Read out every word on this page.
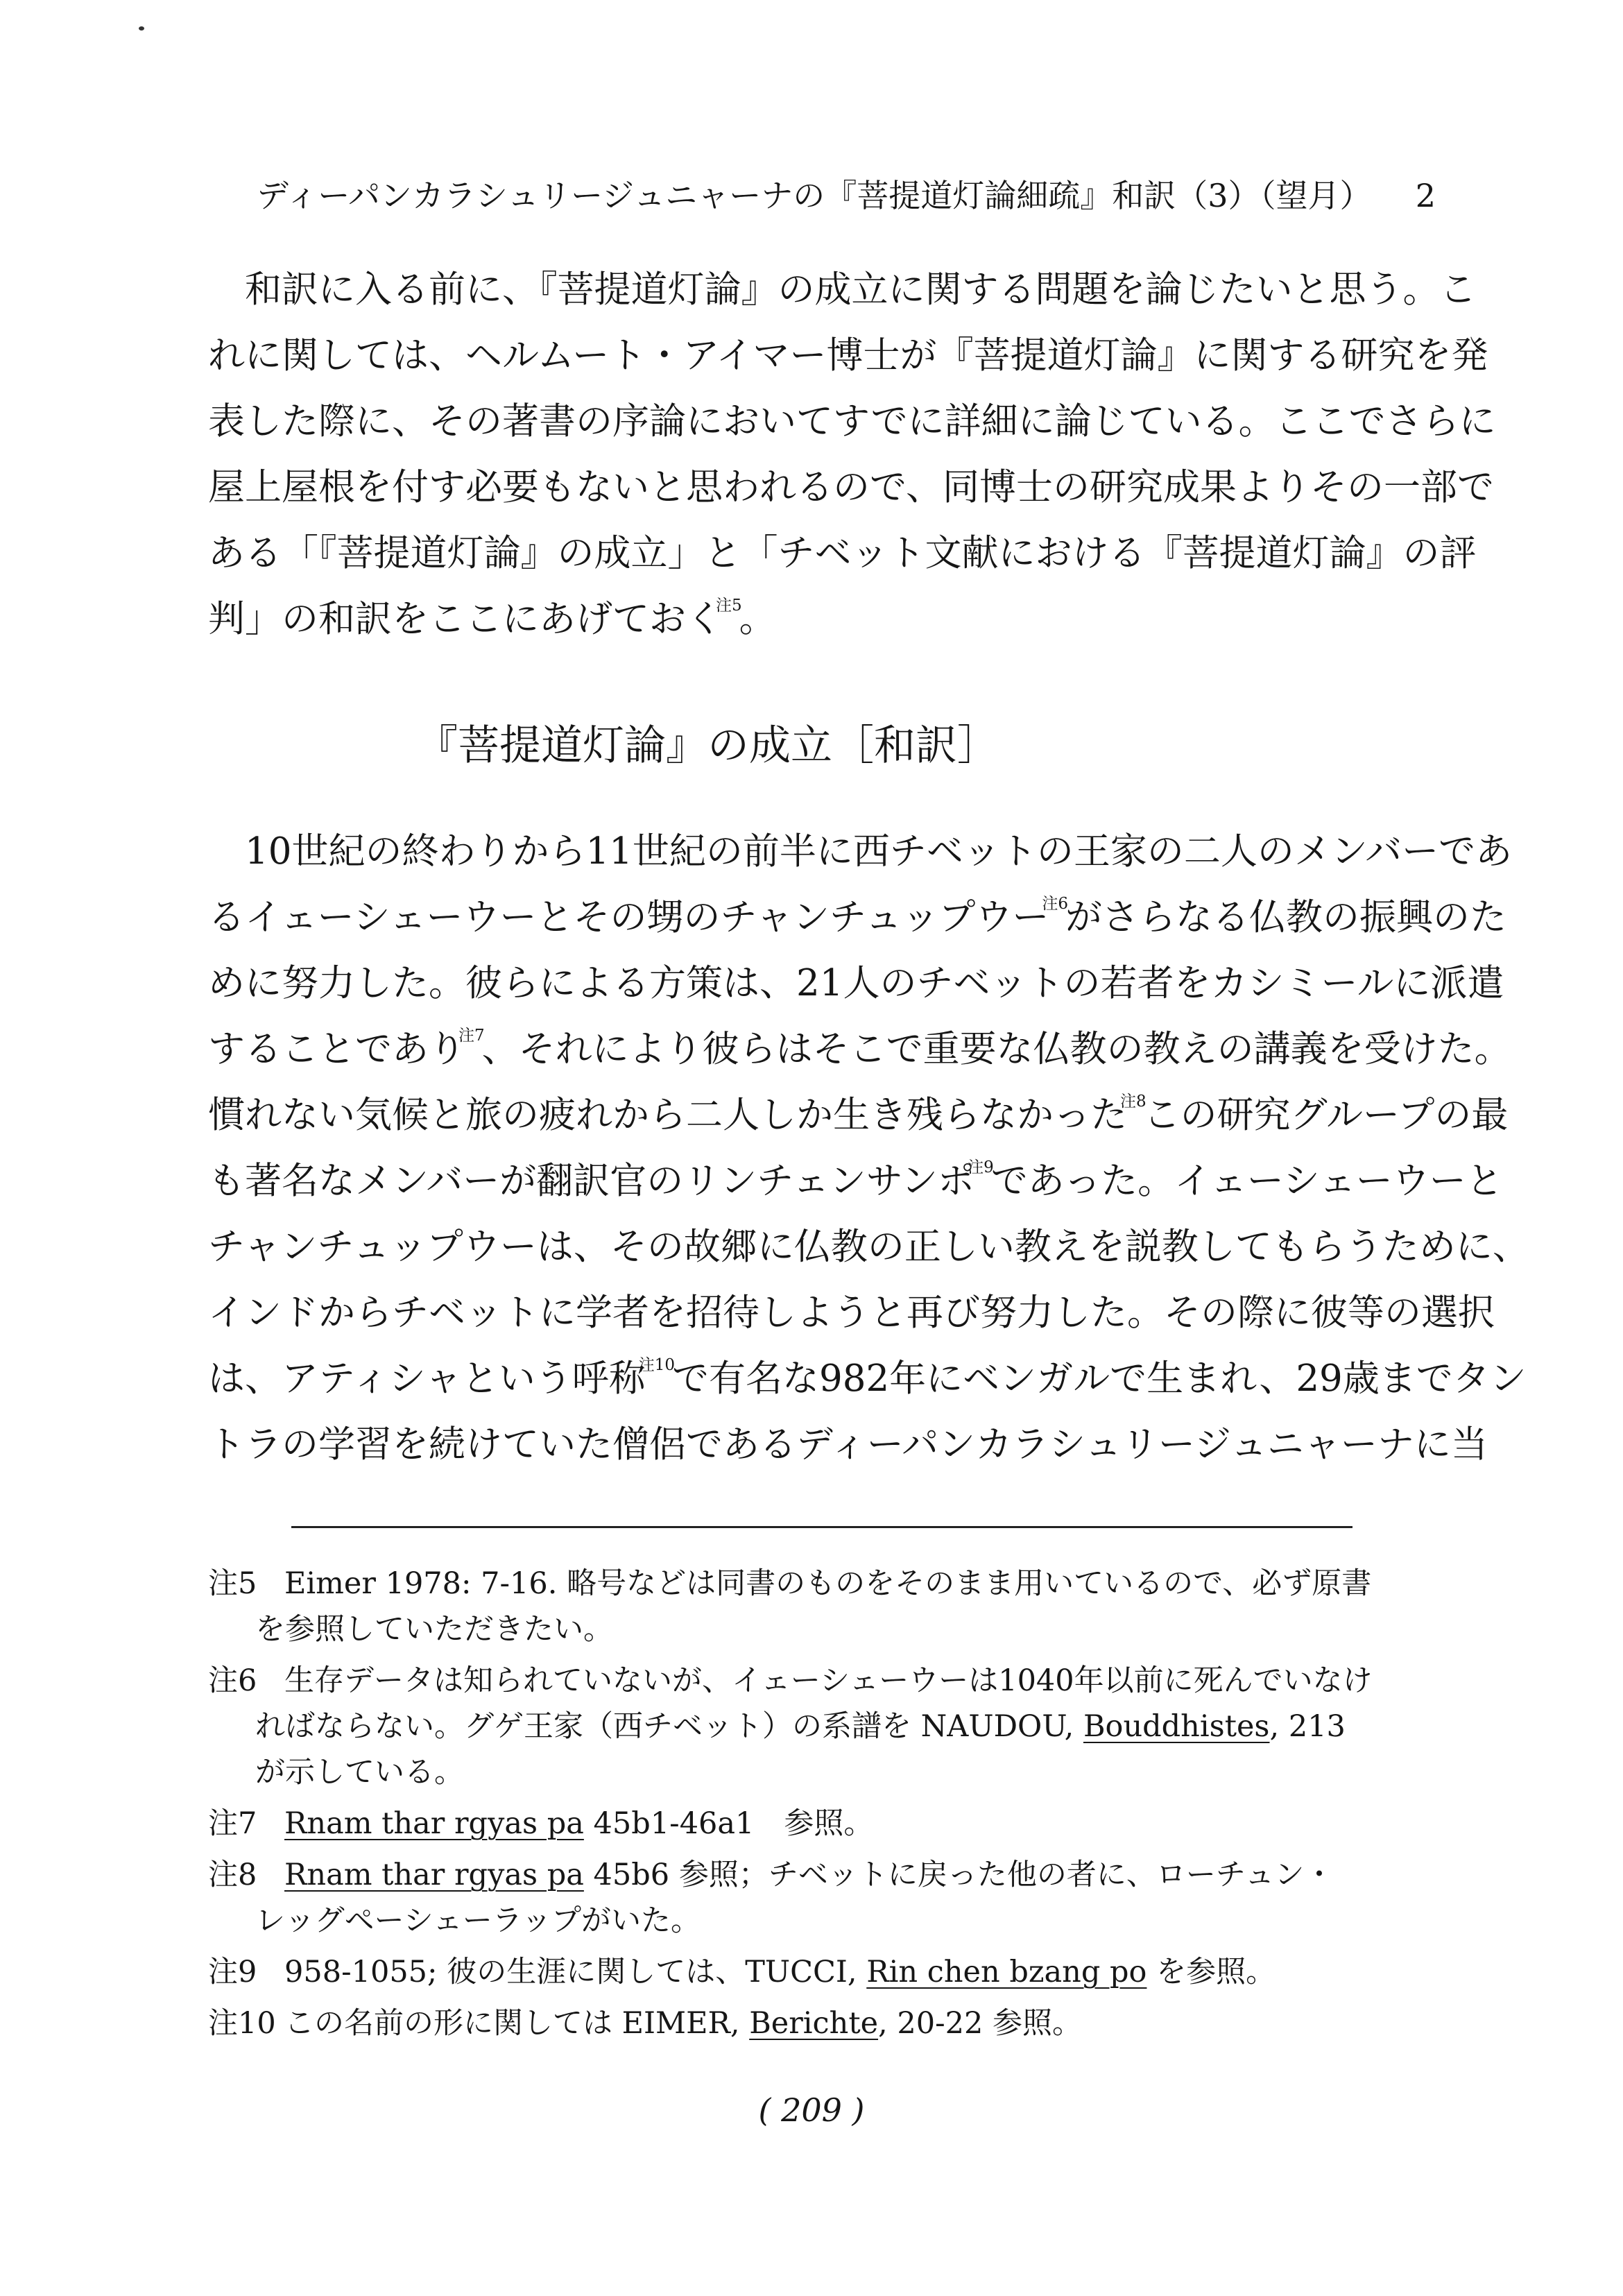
ディーパンカラシュリージュニャーナの『菩提道灯論細疏』和訳（3）（望月） 2
和訳に入る前に、『菩提道灯論』の成立に関する問題を論じたいと思う。こ
れに関しては、ヘルムート・アイマー博士が『菩提道灯論』に関する研究を発
表した際に、その著書の序論においてすでに詳細に論じている。ここでさらに
屋上屋根を付す必要もないと思われるので、同博士の研究成果よりその一部で
ある「『菩提道灯論』の成立」と「チベット文献における『菩提道灯論』の評
判」の和訳をここにあげておく$^{注5}$。
『菩提道灯論』の成立［和訳］
10世紀の終わりから11世紀の前半に西チベットの王家の二人のメンバーであ
るイェーシェーウーとその甥のチャンチュップウー$^{注6}$がさらなる仏教の振興のた
めに努力した。彼らによる方策は、21人のチベットの若者をカシミールに派遣
することであり$^{注7}$、それにより彼らはそこで重要な仏教の教えの講義を受けた。
慣れない気候と旅の疲れから二人しか生き残らなかった$^{注8}$この研究グループの最
も著名なメンバーが翻訳官のリンチェンサンポ$^{注9}$であった。イェーシェーウーと
チャンチュップウーは、その故郷に仏教の正しい教えを説教してもらうために、
インドからチベットに学者を招待しようと再び努力した。その際に彼等の選択
は、アティシャという呼称$^{注10}$で有名な982年にベンガルで生まれ、29歳までタン
トラの学習を続けていた僧侶であるディーパンカラシュリージュニャーナに当
注5 Eimer 1978: 7-16. 略号などは同書のものをそのまま用いているので、必ず原書
を参照していただきたい。
注6 生存データは知られていないが、イェーシェーウーは1040年以前に死んでいなけ
ればならない。グゲ王家（西チベット）の系譜を NAUDOU, Bouddhistes, 213
が示している。
注7 Rnam thar rgyas pa 45b1-46a1　参照。
注8 Rnam thar rgyas pa 45b6 参照；チベットに戻った他の者に、ローチュン・
レッグペーシェーラップがいた。
注9 958-1055; 彼の生涯に関しては、TUCCI, Rin chen bzang po を参照。
注10 この名前の形に関しては EIMER, Berichte, 20-22 参照。
( 209 )
